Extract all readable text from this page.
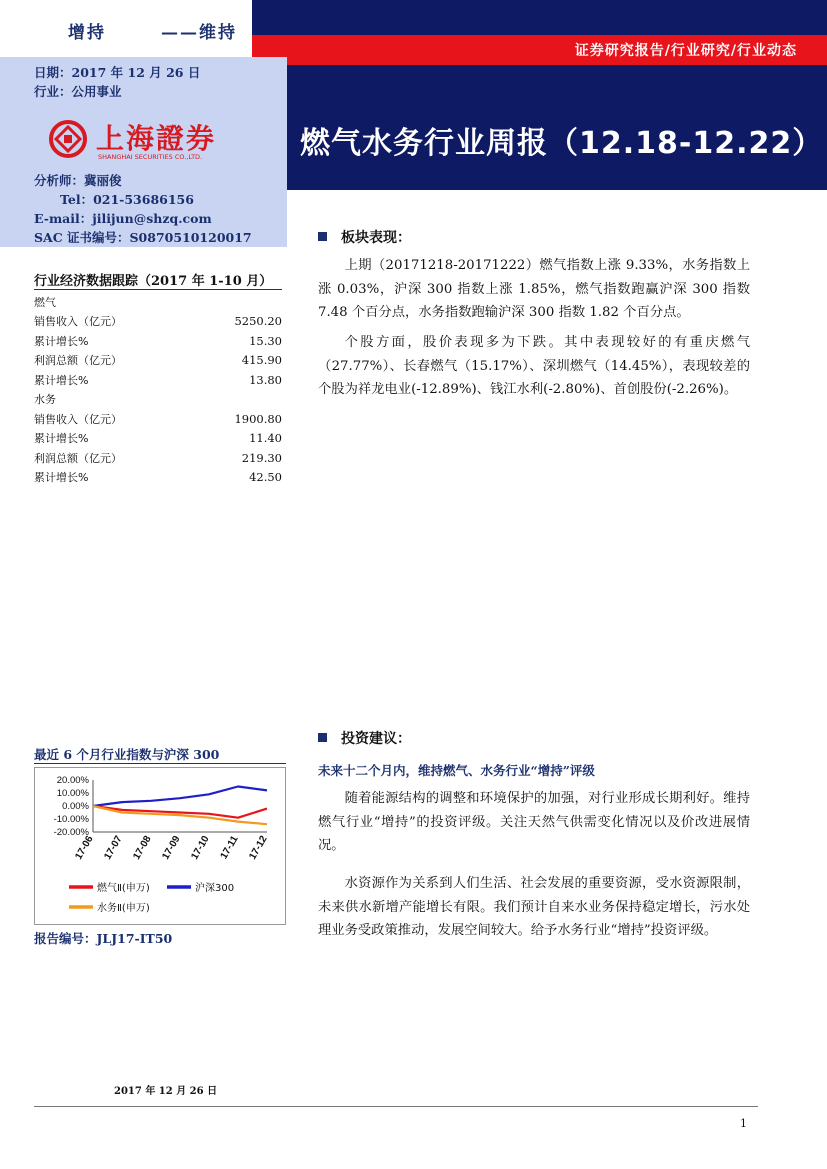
增持	——维持
证券研究报告/行业研究/行业动态
燃气水务行业周报（12.18-12.22）
日期：2017 年 12 月 26 日
行业：公用事业
分析师：冀丽俊
Tel：021-53686156
E-mail：jilijun@shzq.com
SAC 证书编号：S0870510120017
上海證券
SHANGHAI SECURITIES CO.,LTD.
行业经济数据跟踪（2017 年 1-10 月）
燃气
销售收入（亿元）	5250.20
累计增长%	15.30
利润总额（亿元）	415.90
累计增长%	13.80
水务
销售收入（亿元）	1900.80
累计增长%	11.40
利润总额（亿元）	219.30
累计增长%	42.50
板块表现：
上期（20171218-20171222）燃气指数上涨 9.33%，水务指数上涨 0.03%，沪深 300 指数上涨 1.85%，燃气指数跑赢沪深 300 指数 7.48 个百分点，水务指数跑输沪深 300 指数 1.82 个百分点。
个股方面，股价表现多为下跌。其中表现较好的有重庆燃气（27.77%）、长春燃气（15.17%）、深圳燃气（14.45%），表现较差的个股为祥龙电业(-12.89%)、钱江水利(-2.80%)、首创股份(-2.26%)。
投资建议：
未来十二个月内，维持燃气、水务行业“增持”评级
随着能源结构的调整和环境保护的加强，对行业形成长期利好。维持燃气行业“增持”的投资评级。关注天然气供需变化情况以及价改进展情况。
水资源作为关系到人们生活、社会发展的重要资源，受水资源限制，未来供水新增产能增长有限。我们预计自来水业务保持稳定增长，污水处理业务受政策推动，发展空间较大。给予水务行业“增持”投资评级。
最近 6 个月行业指数与沪深 300
20.00%
10.00%
0.00%
-10.00%
-20.00%
17-06 17-07 17-08 17-09 17-10 17-11 17-12
燃气Ⅱ(申万)	沪深300
水务Ⅱ(申万)
报告编号：JLJ17-IT50
2017 年 12 月 26 日
1
